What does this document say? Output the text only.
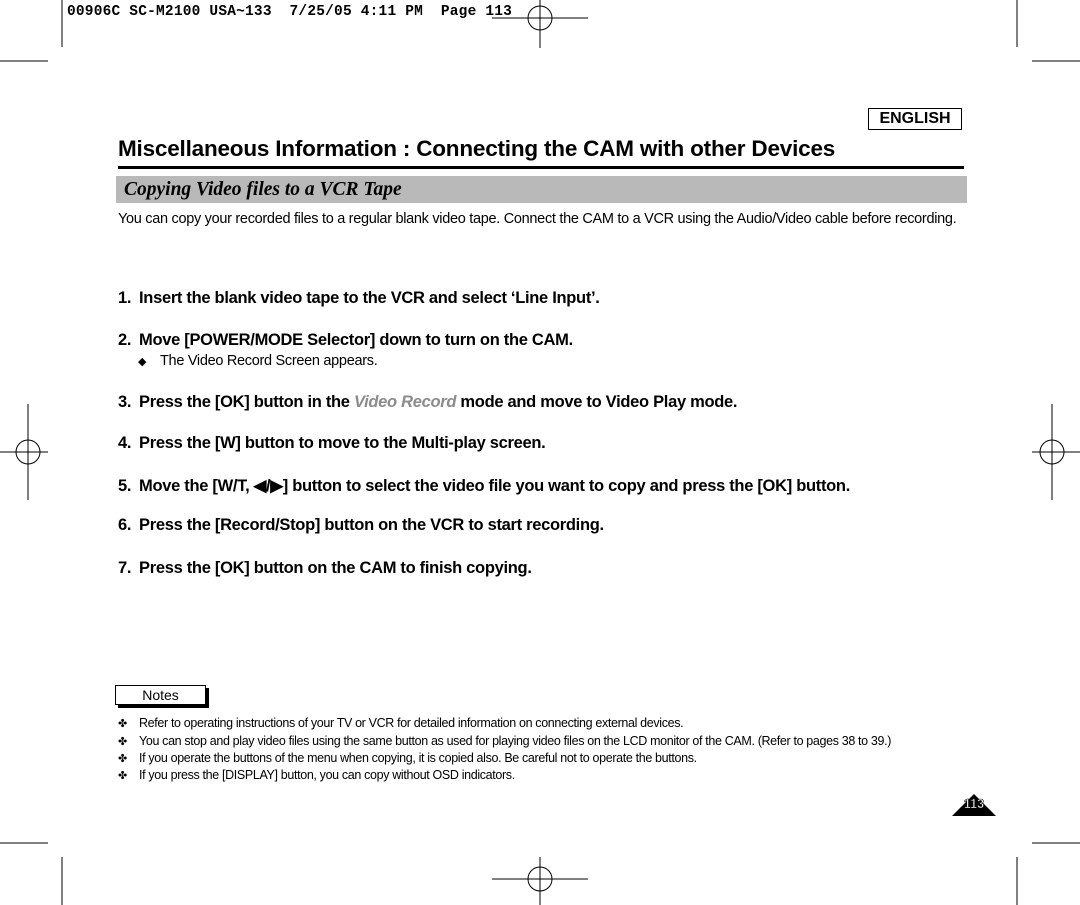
00906C SC-M2100 USA~133  7/25/05 4:11 PM  Page 113
ENGLISH
Miscellaneous Information : Connecting the CAM with other Devices
Copying Video files to a VCR Tape
You can copy your recorded files to a regular blank video tape. Connect the CAM to a VCR using the Audio/Video cable before recording.
1. Insert the blank video tape to the VCR and select ‘Line Input’.
2. Move [POWER/MODE Selector] down to turn on the CAM.
◆ The Video Record Screen appears.
3. Press the [OK] button in the Video Record mode and move to Video Play mode.
4. Press the [W] button to move to the Multi-play screen.
5. Move the [W/T, ◀/▶] button to select the video file you want to copy and press the [OK] button.
6. Press the [Record/Stop] button on the VCR to start recording.
7. Press the [OK] button on the CAM to finish copying.
Notes
✤ Refer to operating instructions of your TV or VCR for detailed information on connecting external devices.
✤ You can stop and play video files using the same button as used for playing video files on the LCD monitor of the CAM. (Refer to pages 38 to 39.)
✤ If you operate the buttons of the menu when copying, it is copied also. Be careful not to operate the buttons.
✤ If you press the [DISPLAY] button, you can copy without OSD indicators.
113
